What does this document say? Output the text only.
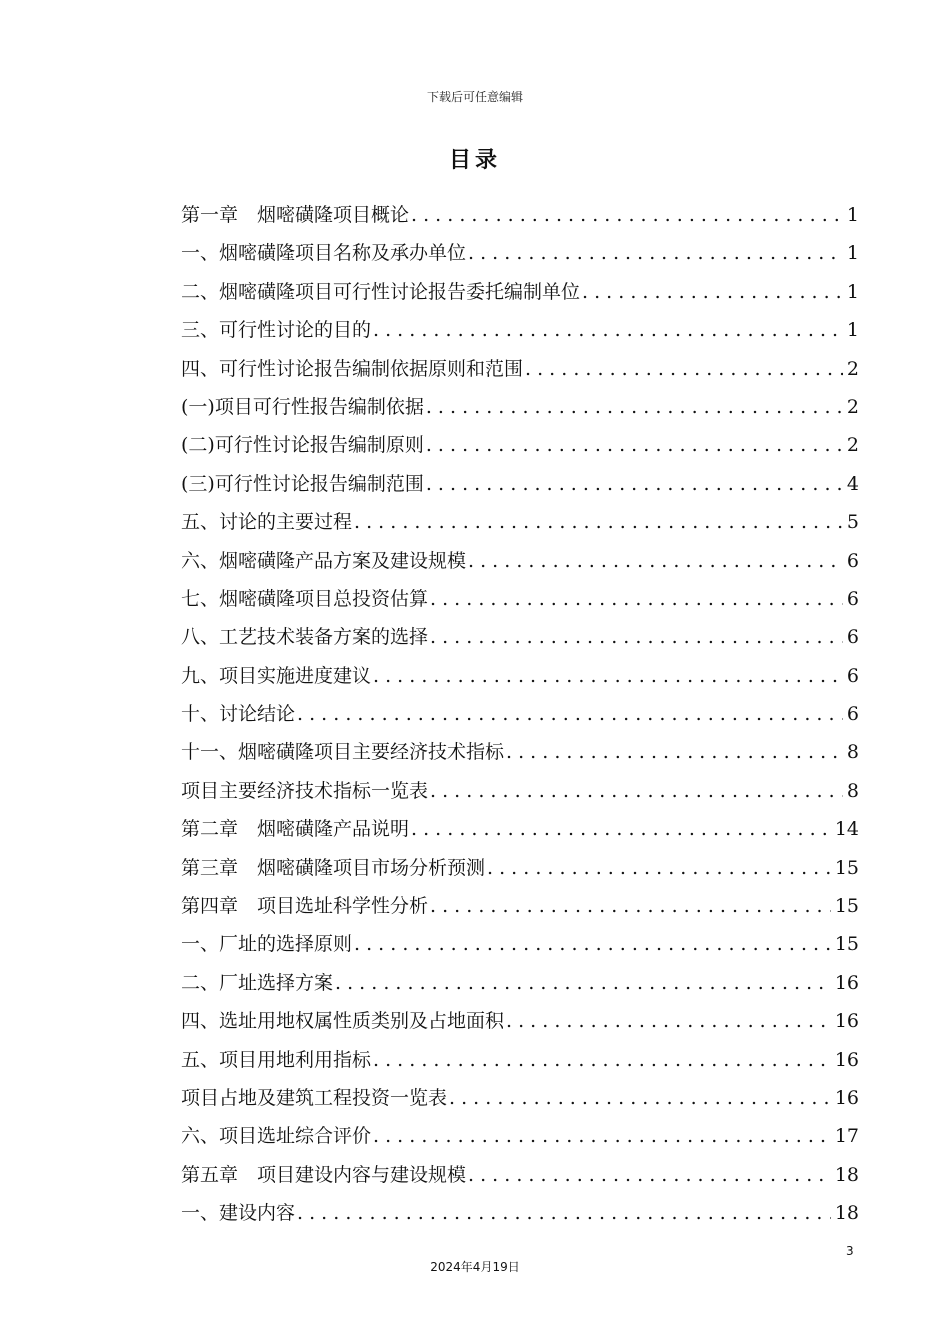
下载后可任意编辑
目录
第一章　烟嘧磺隆项目概论 . . .	1
一、烟嘧磺隆项目名称及承办单位 . . .	1
二、烟嘧磺隆项目可行性讨论报告委托编制单位 . . .	1
三、可行性讨论的目的 . . .	1
四、可行性讨论报告编制依据原则和范围 . . .	2
(一)项目可行性报告编制依据 . . .	2
(二)可行性讨论报告编制原则 . . .	2
(三)可行性讨论报告编制范围 . . .	4
五、讨论的主要过程 . . .	5
六、烟嘧磺隆产品方案及建设规模 . . .	6
七、烟嘧磺隆项目总投资估算 . . .	6
八、工艺技术装备方案的选择 . . .	6
九、项目实施进度建议 . . .	6
十、讨论结论 . . .	6
十一、烟嘧磺隆项目主要经济技术指标 . . .	8
项目主要经济技术指标一览表 . . .	8
第二章　烟嘧磺隆产品说明 . . .	14
第三章　烟嘧磺隆项目市场分析预测 . . .	15
第四章　项目选址科学性分析 . . .	15
一、厂址的选择原则 . . .	15
二、厂址选择方案 . . .	16
四、选址用地权属性质类别及占地面积 . . .	16
五、项目用地利用指标 . . .	16
项目占地及建筑工程投资一览表 . . .	16
六、项目选址综合评价 . . .	17
第五章　项目建设内容与建设规模 . . .	18
一、建设内容 . . .	18
3
2024年4月19日
